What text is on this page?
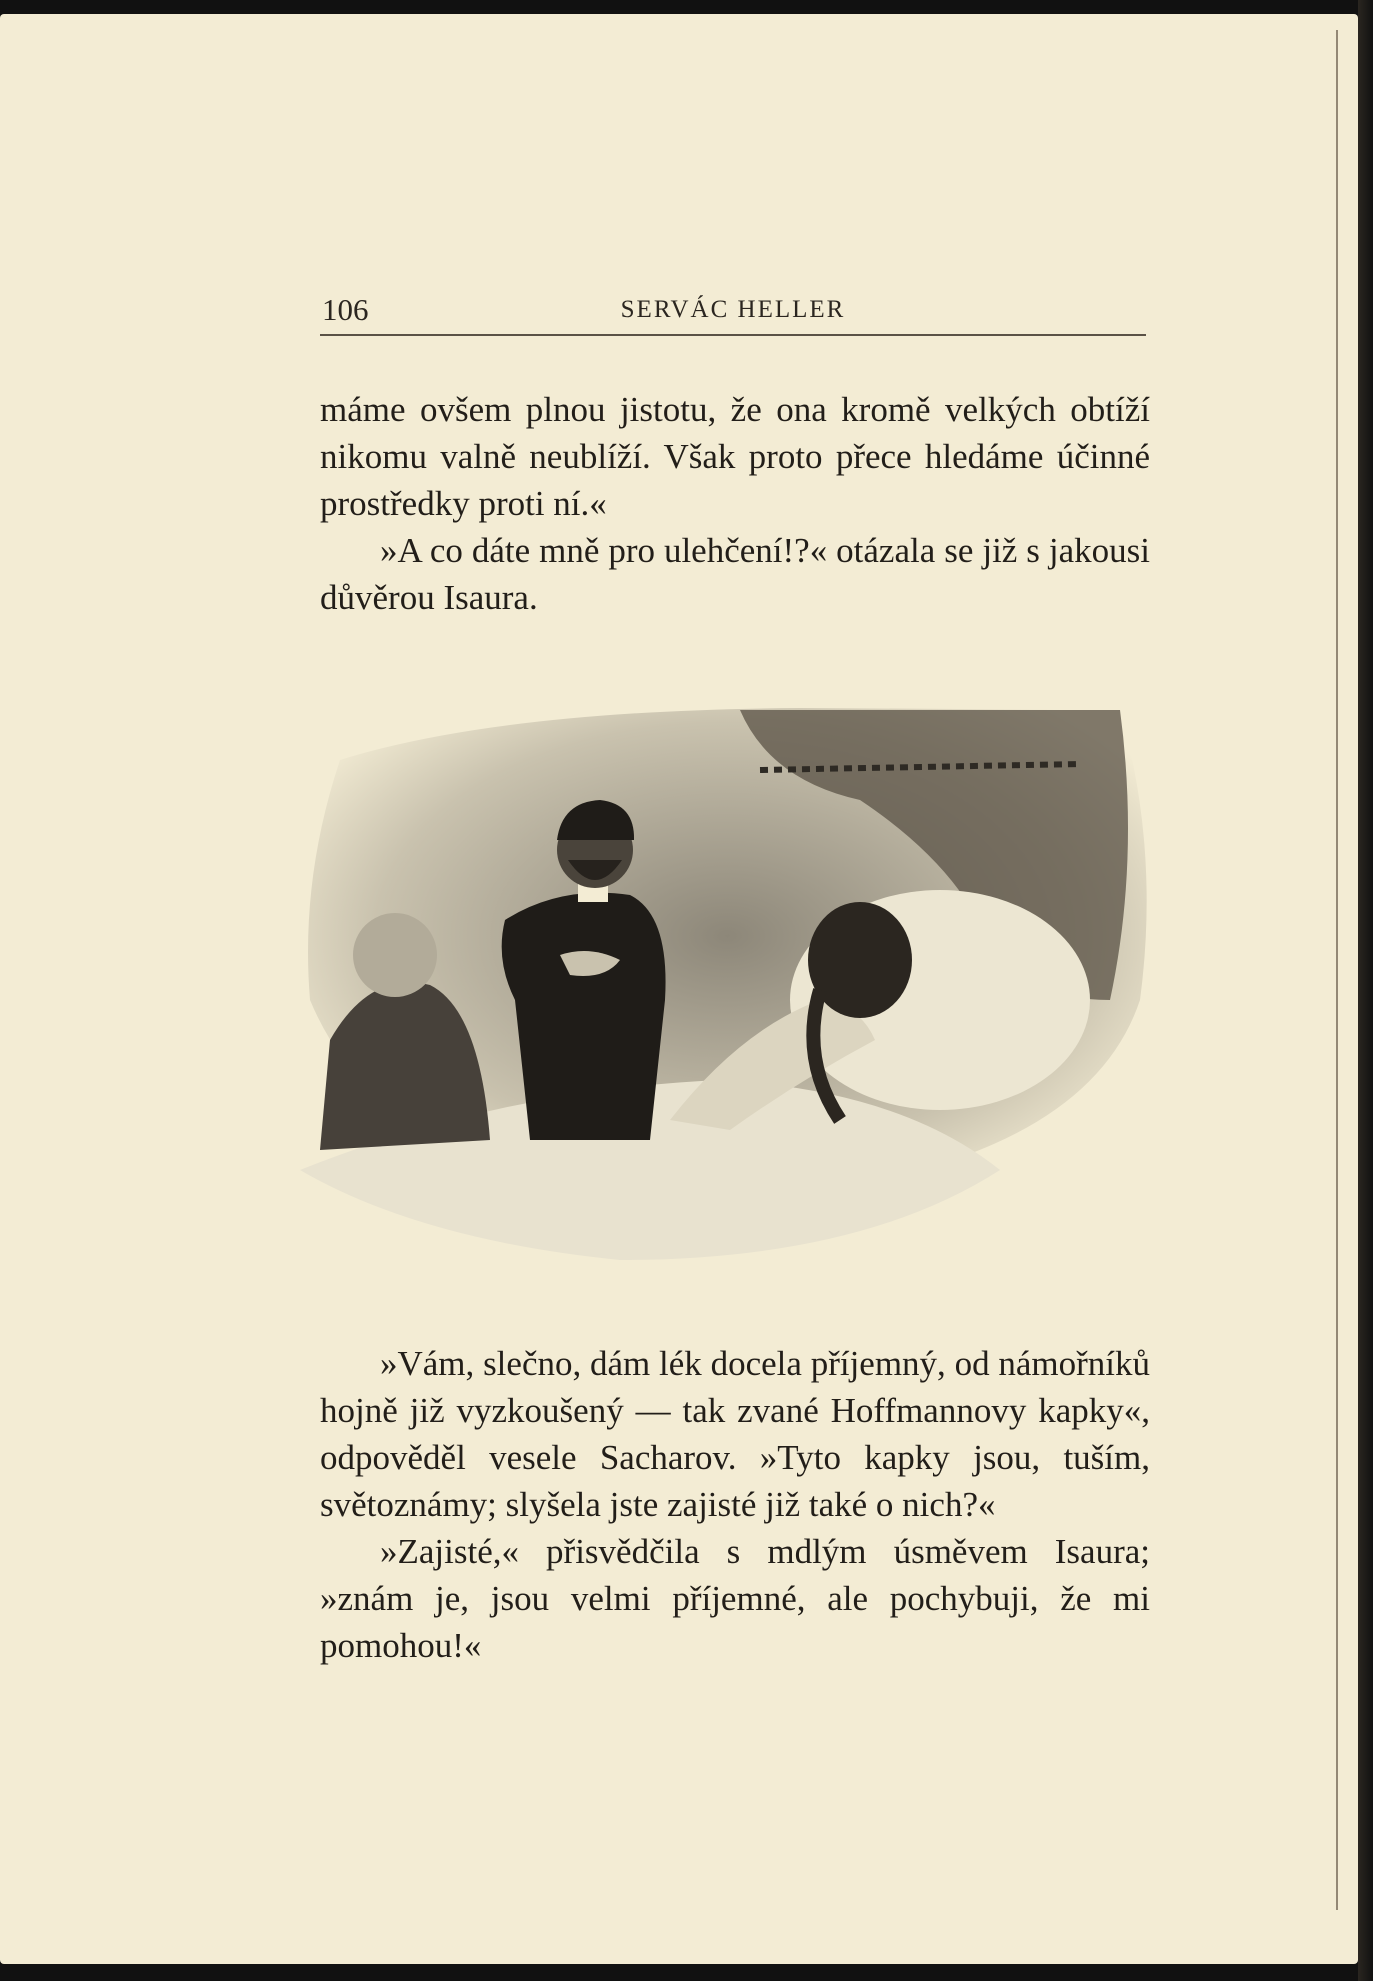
106	SERVÁC HELLER

máme ovšem plnou jistotu, že ona kromě velkých obtíží nikomu valně neublíží. Však proto přece hledáme účinné prostředky proti ní.«

»A co dáte mně pro ulehčení!?« otázala se již s jakousi důvěrou Isaura.

»Vám, slečno, dám lék docela příjemný, od námořníků hojně již vyzkoušený — tak zvané Hoffmannovy kapky«, odpověděl vesele Sacharov. »Tyto kapky jsou, tuším, světoznámy; slyšela jste zajisté již také o nich?«

»Zajisté,« přisvědčila s mdlým úsměvem Isaura; »znám je, jsou velmi příjemné, ale pochybuji, že mi pomohou!«
